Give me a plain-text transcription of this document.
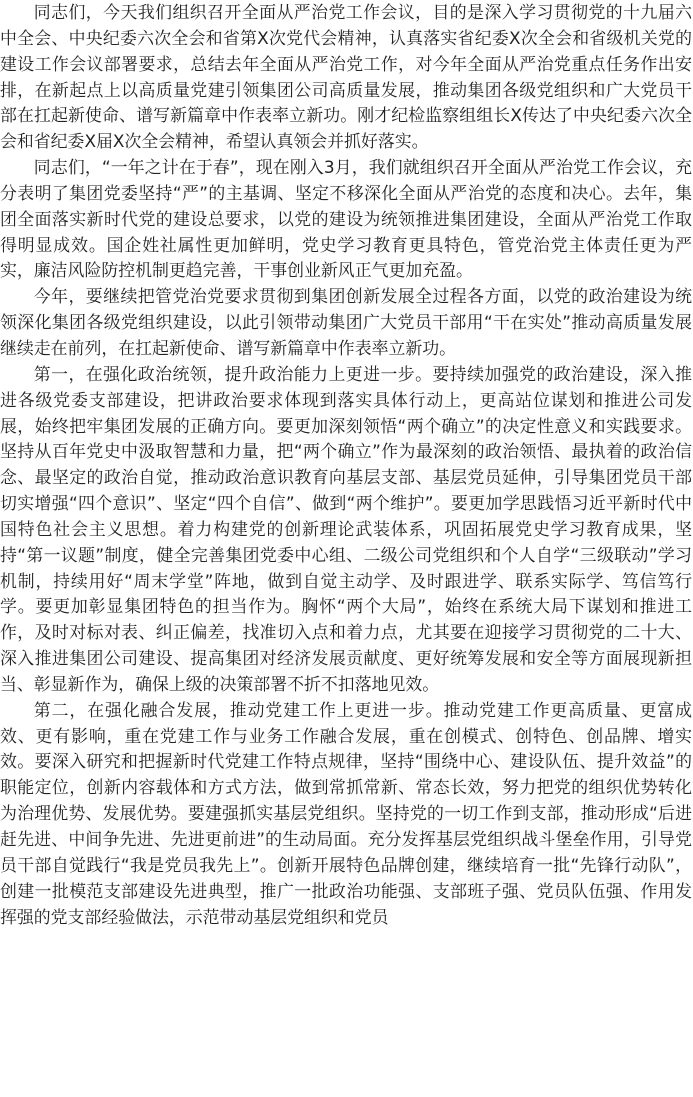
同志们，今天我们组织召开全面从严治党工作会议，目的是深入学习贯彻党的十九届六中全会、中央纪委六次全会和省第X次党代会精神，认真落实省纪委X次全会和省级机关党的建设工作会议部署要求，总结去年全面从严治党工作，对今年全面从严治党重点任务作出安排，在新起点上以高质量党建引领集团公司高质量发展，推动集团各级党组织和广大党员干部在扛起新使命、谱写新篇章中作表率立新功。刚才纪检监察组组长X传达了中央纪委六次全会和省纪委X届X次全会精神，希望认真领会并抓好落实。

同志们，“一年之计在于春”，现在刚入3月，我们就组织召开全面从严治党工作会议，充分表明了集团党委坚持“严”的主基调、坚定不移深化全面从严治党的态度和决心。去年，集团全面落实新时代党的建设总要求，以党的建设为统领推进集团建设，全面从严治党工作取得明显成效。国企姓社属性更加鲜明，党史学习教育更具特色，管党治党主体责任更为严实，廉洁风险防控机制更趋完善，干事创业新风正气更加充盈。

今年，要继续把管党治党要求贯彻到集团创新发展全过程各方面，以党的政治建设为统领深化集团各级党组织建设，以此引领带动集团广大党员干部用“干在实处”推动高质量发展继续走在前列，在扛起新使命、谱写新篇章中作表率立新功。

第一，在强化政治统领，提升政治能力上更进一步。要持续加强党的政治建设，深入推进各级党委支部建设，把讲政治要求体现到落实具体行动上，更高站位谋划和推进公司发展，始终把牢集团发展的正确方向。要更加深刻领悟“两个确立”的决定性意义和实践要求。坚持从百年党史中汲取智慧和力量，把“两个确立”作为最深刻的政治领悟、最执着的政治信念、最坚定的政治自觉，推动政治意识教育向基层支部、基层党员延伸，引导集团党员干部切实增强“四个意识”、坚定“四个自信”、做到“两个维护”。要更加学思践悟习近平新时代中国特色社会主义思想。着力构建党的创新理论武装体系，巩固拓展党史学习教育成果，坚持“第一议题”制度，健全完善集团党委中心组、二级公司党组织和个人自学“三级联动”学习机制，持续用好“周末学堂”阵地，做到自觉主动学、及时跟进学、联系实际学、笃信笃行学。要更加彰显集团特色的担当作为。胸怀“两个大局”，始终在系统大局下谋划和推进工作，及时对标对表、纠正偏差，找准切入点和着力点，尤其要在迎接学习贯彻党的二十大、深入推进集团公司建设、提高集团对经济发展贡献度、更好统筹发展和安全等方面展现新担当、彰显新作为，确保上级的决策部署不折不扣落地见效。

第二，在强化融合发展，推动党建工作上更进一步。推动党建工作更高质量、更富成效、更有影响，重在党建工作与业务工作融合发展，重在创模式、创特色、创品牌、增实效。要深入研究和把握新时代党建工作特点规律，坚持“围绕中心、建设队伍、提升效益”的职能定位，创新内容载体和方式方法，做到常抓常新、常态长效，努力把党的组织优势转化为治理优势、发展优势。要建强抓实基层党组织。坚持党的一切工作到支部，推动形成“后进赶先进、中间争先进、先进更前进”的生动局面。充分发挥基层党组织战斗堡垒作用，引导党员干部自觉践行“我是党员我先上”。创新开展特色品牌创建，继续培育一批“先锋行动队”，创建一批模范支部建设先进典型，推广一批政治功能强、支部班子强、党员队伍强、作用发挥强的党支部经验做法，示范带动基层党组织和党员
